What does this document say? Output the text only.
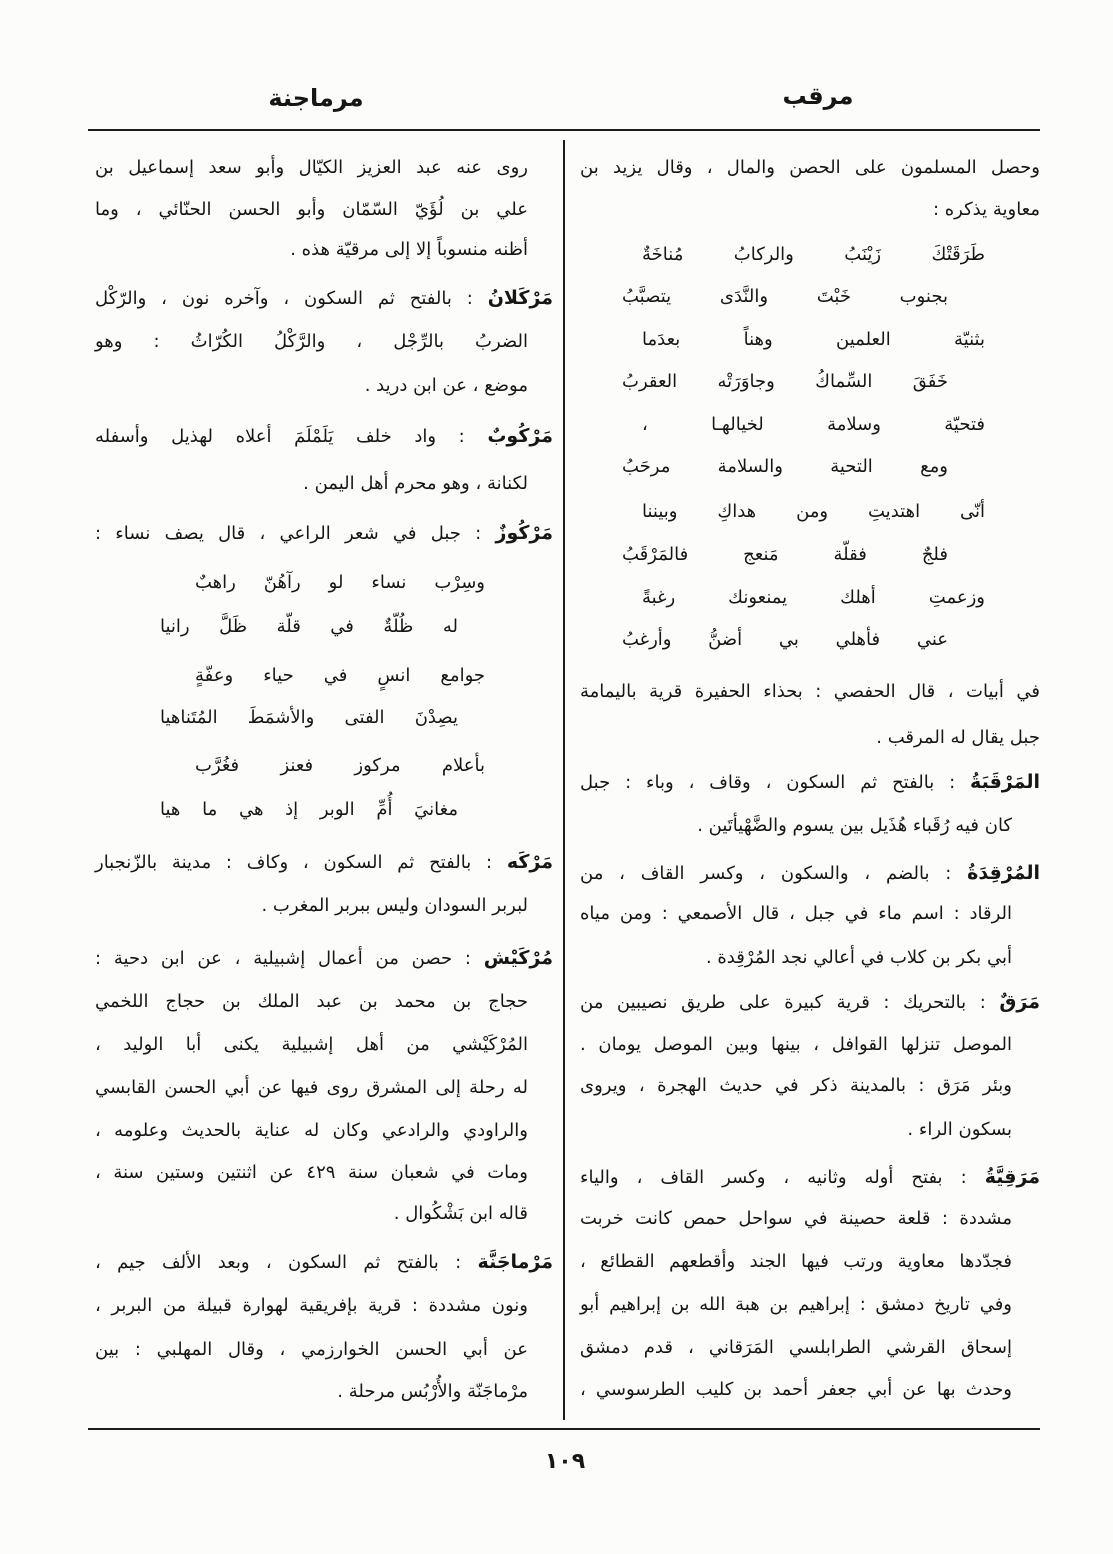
مرقب
مرماجنة
وحصل المسلمون على الحصن والمال ، وقال يزيد بن
معاوية يذكره :
طَرَقَتْكَ زَيْنَبُ والركابُ مُناخَةٌ
بجنوب خَبْتَ والنَّدَى يتصبَّبُ
بثنيّة العلمين وهناً بعدَما
خَفَقَ السِّماكُ وجاوَرَتْه العقربُ
فتحيّة وسلامة لخيالهـا ،
ومع التحية والسلامة مرحَبُ
أنّى اهتديتِ ومن هداكِ وبيننا
فلجٌ فقلّة مَنعج فالمَرْقَبُ
وزعمتِ أهلك يمنعونك رغبةً
عني فأهلي بي أضنُّ وأرغبُ
في أبيات ، قال الحفصي : بحذاء الحفيرة قرية باليمامة
جبل يقال له المرقب .
المَرْقَبَةُ : بالفتح ثم السكون ، وقاف ، وباء : جبل
كان فيه رُقَباء هُذَيل بين يسوم والضَّهْيأتَين .
المُرْقِدَةُ : بالضم ، والسكون ، وكسر القاف ، من
الرقاد : اسم ماء في جبل ، قال الأصمعي : ومن مياه
أبي بكر بن كلاب في أعالي نجد المُرْقِدة .
مَرَقٌ : بالتحريك : قرية كبيرة على طريق نصيبين من
الموصل تنزلها القوافل ، بينها وبين الموصل يومان .
وبئر مَرَق : بالمدينة ذكر في حديث الهجرة ، ويروى
بسكون الراء .
مَرَقِيَّةُ : بفتح أوله وثانيه ، وكسر القاف ، والياء
مشددة : قلعة حصينة في سواحل حمص كانت خربت
فجدّدها معاوية ورتب فيها الجند وأقطعهم القطائع ،
وفي تاريخ دمشق : إبراهيم بن هبة الله بن إبراهيم أبو
إسحاق القرشي الطرابلسي المَرَقاني ، قدم دمشق
وحدث بها عن أبي جعفر أحمد بن كليب الطرسوسي ،
روى عنه عبد العزيز الكيّال وأبو سعد إسماعيل بن
علي بن لُؤَيّ السّمّان وأبو الحسن الحنّائي ، وما
أظنه منسوباً إلا إلى مرقيّة هذه .
مَرْكَلانُ : بالفتح ثم السكون ، وآخره نون ، والرّكْل
الضربُ بالرِّجْل ، والرَّكْلُ الكُرّاثُ : وهو
موضع ، عن ابن دريد .
مَرْكُوبٌ : واد خلف يَلَمْلَمَ أعلاه لهذيل وأسفله
لكنانة ، وهو محرم أهل اليمن .
مَرْكُوزٌ : جبل في شعر الراعي ، قال يصف نساء :
وسِرْب نساء لو رآهُنّ راهبٌ
له ظُلّةٌ في قلّة ظَلَّ رانيا
جوامع انسٍ في حياء وعفّةٍ
يصِدْنَ الفتى والأشمَطَ المُتَناهيا
بأعلام مركوز فعنز فغُرَّب
مغانيَ أُمِّ الوبر إذ هي ما هيا
مَرْكَه : بالفتح ثم السكون ، وكاف : مدينة بالزّنجبار
لبربر السودان وليس ببربر المغرب .
مُرْكَيْش : حصن من أعمال إشبيلية ، عن ابن دحية :
حجاج بن محمد بن عبد الملك بن حجاج اللخمي
المُرْكَيْشي من أهل إشبيلية يكنى أبا الوليد ،
له رحلة إلى المشرق روى فيها عن أبي الحسن القابسي
والراودي والرادعي وكان له عناية بالحديث وعلومه ،
ومات في شعبان سنة ٤٢٩ عن اثنتين وستين سنة ،
قاله ابن بَشْكُوال .
مَرْماجَنَّة : بالفتح ثم السكون ، وبعد الألف جيم ،
ونون مشددة : قرية بإفريقية لهوارة قبيلة من البربر ،
عن أبي الحسن الخوارزمي ، وقال المهلبي : بين
مرْماجَنّة والأُرْبُس مرحلة .
١٠٩
